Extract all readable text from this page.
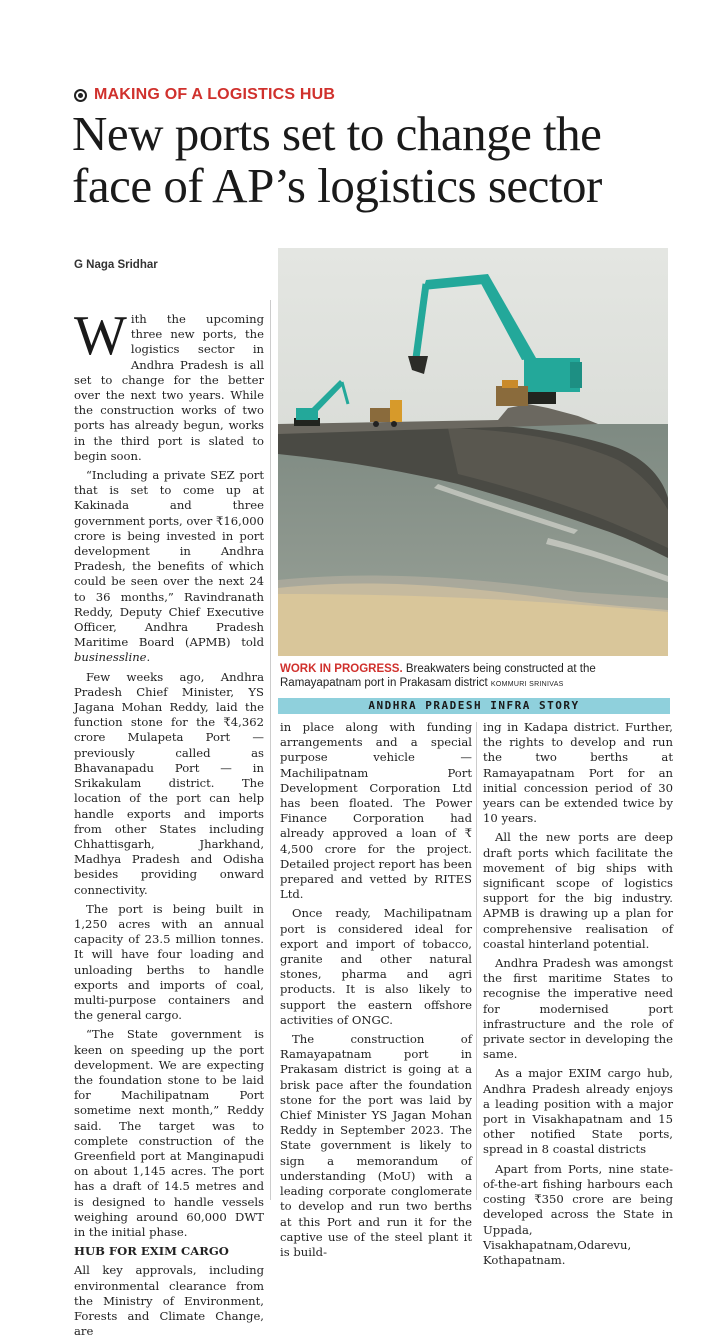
MAKING OF A LOGISTICS HUB
New ports set to change the
face of AP’s logistics sector
G Naga Sridhar
WORK IN PROGRESS. Breakwaters being constructed at the Ramayapatnam port in Prakasam district KOMMURI SRINIVAS
ANDHRA PRADESH INFRA STORY

With the upcoming three new ports, the logistics sector in Andhra Pradesh is all set to change for the better over the next two years. While the construction works of two ports has already begun, works in the third port is slated to begin soon.

“Including a private SEZ port that is set to come up at Kakinada and three government ports, over ₹16,000 crore is being invested in port development in Andhra Pradesh, the benefits of which could be seen over the next 24 to 36 months,” Ravindranath Reddy, Deputy Chief Executive Officer, Andhra Pradesh Maritime Board (APMB) told businessline.

Few weeks ago, Andhra Pradesh Chief Minister, YS Jagana Mohan Reddy, laid the function stone for the ₹4,362 crore Mulapeta Port — previously called as Bhavanapadu Port — in Srikakulam district. The location of the port can help handle exports and imports from other States including Chhattisgarh, Jharkhand, Madhya Pradesh and Odisha besides providing onward connectivity.

The port is being built in 1,250 acres with an annual capacity of 23.5 million tonnes. It will have four loading and unloading berths to handle exports and imports of coal, multi-purpose containers and the general cargo.

“The State government is keen on speeding up the port development. We are expecting the foundation stone to be laid for Machilipatnam Port sometime next month,” Reddy said. The target was to complete construction of the Greenfield port at Manginapudi on about 1,145 acres. The port has a draft of 14.5 metres and is designed to handle vessels weighing around 60,000 DWT in the initial phase.

HUB FOR EXIM CARGO

All key approvals, including environmental clearance from the Ministry of Environment, Forests and Climate Change, are

in place along with funding arrangements and a special purpose vehicle — Machilipatnam Port Development Corporation Ltd has been floated. The Power Finance Corporation had already approved a loan of ₹ 4,500 crore for the project. Detailed project report has been prepared and vetted by RITES Ltd.

Once ready, Machilipatnam port is considered ideal for export and import of tobacco, granite and other natural stones, pharma and agri products. It is also likely to support the eastern offshore activities of ONGC.

The construction of Ramayapatnam port in Prakasam district is going at a brisk pace after the foundation stone for the port was laid by Chief Minister YS Jagan Mohan Reddy in September 2023. The State government is likely to sign a memorandum of understanding (MoU) with a leading corporate conglomerate to develop and run two berths at this Port and run it for the captive use of the steel plant it is build-

ing in Kadapa district. Further, the rights to develop and run the two berths at Ramayapatnam Port for an initial concession period of 30 years can be extended twice by 10 years.

All the new ports are deep draft ports which facilitate the movement of big ships with significant scope of logistics support for the big industry. APMB is drawing up a plan for comprehensive realisation of coastal hinterland potential.

Andhra Pradesh was amongst the first maritime States to recognise the imperative need for modernised port infrastructure and the role of private sector in developing the same.

As a major EXIM cargo hub, Andhra Pradesh already enjoys a leading position with a major port in Visakhapatnam and 15 other notified State ports, spread in 8 coastal districts

Apart from Ports, nine state-of-the-art fishing harbours each costing ₹350 crore are being developed across the State in Uppada, Visakhapatnam,Odarevu, Kothapatnam.
